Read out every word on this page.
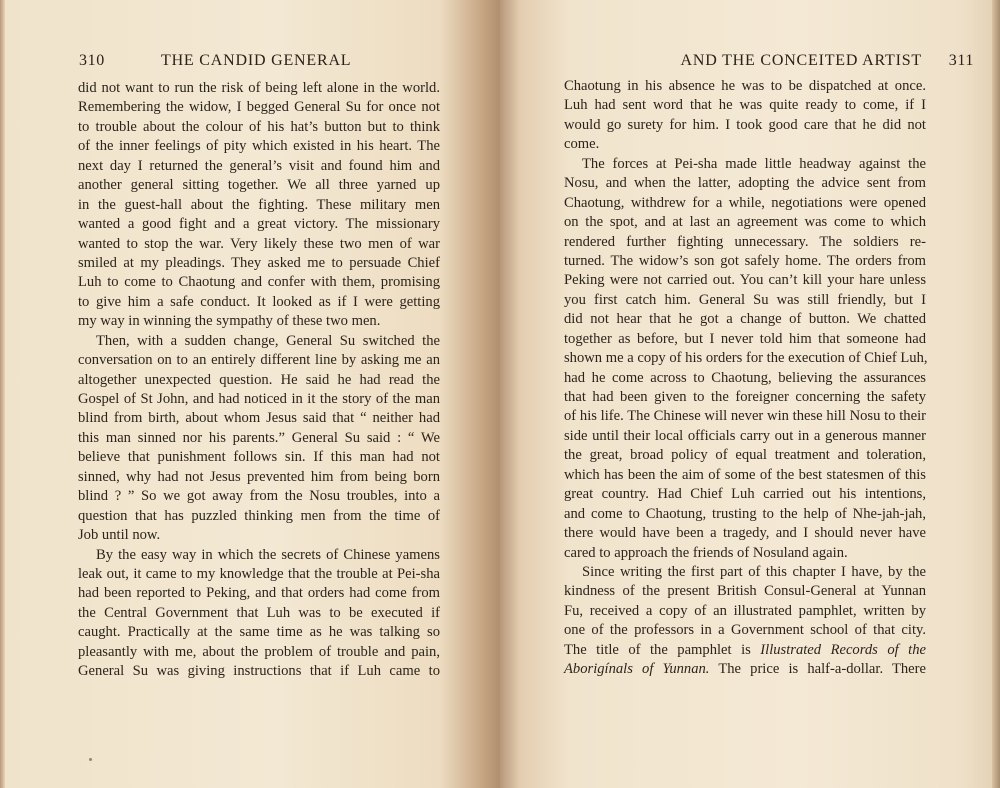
310	THE CANDID GENERAL
did not want to run the risk of being left alone in the world.
Remembering the widow, I begged General Su for once not
to trouble about the colour of his hat’s button but to think
of the inner feelings of pity which existed in his heart. The
next day I returned the general’s visit and found him and
another general sitting together. We all three yarned up
in the guest-hall about the fighting. These military men
wanted a good fight and a great victory. The missionary
wanted to stop the war. Very likely these two men of war
smiled at my pleadings. They asked me to persuade Chief
Luh to come to Chaotung and confer with them, promising
to give him a safe conduct. It looked as if I were getting
my way in winning the sympathy of these two men.
Then, with a sudden change, General Su switched the
conversation on to an entirely different line by asking me an
altogether unexpected question. He said he had read the
Gospel of St John, and had noticed in it the story of the man
blind from birth, about whom Jesus said that “ neither had
this man sinned nor his parents.” General Su said : “ We
believe that punishment follows sin. If this man had not
sinned, why had not Jesus prevented him from being born
blind ? ” So we got away from the Nosu troubles, into a
question that has puzzled thinking men from the time of
Job until now.
By the easy way in which the secrets of Chinese yamens
leak out, it came to my knowledge that the trouble at Pei-sha
had been reported to Peking, and that orders had come from
the Central Government that Luh was to be executed if
caught. Practically at the same time as he was talking so
pleasantly with me, about the problem of trouble and pain,
General Su was giving instructions that if Luh came to
AND THE CONCEITED ARTIST 311
Chaotung in his absence he was to be dispatched at once.
Luh had sent word that he was quite ready to come, if I
would go surety for him. I took good care that he did not
come.
The forces at Pei-sha made little headway against the
Nosu, and when the latter, adopting the advice sent from
Chaotung, withdrew for a while, negotiations were opened
on the spot, and at last an agreement was come to which
rendered further fighting unnecessary. The soldiers re-
turned. The widow’s son got safely home. The orders from
Peking were not carried out. You can’t kill your hare unless
you first catch him. General Su was still friendly, but I
did not hear that he got a change of button. We chatted
together as before, but I never told him that someone had
shown me a copy of his orders for the execution of Chief Luh,
had he come across to Chaotung, believing the assurances
that had been given to the foreigner concerning the safety
of his life. The Chinese will never win these hill Nosu to their
side until their local officials carry out in a generous manner
the great, broad policy of equal treatment and toleration,
which has been the aim of some of the best statesmen of this
great country. Had Chief Luh carried out his intentions,
and come to Chaotung, trusting to the help of Nhe-jah-jah,
there would have been a tragedy, and I should never have
cared to approach the friends of Nosuland again.
Since writing the first part of this chapter I have, by the
kindness of the present British Consul-General at Yunnan
Fu, received a copy of an illustrated pamphlet, written by
one of the professors in a Government school of that city.
The title of the pamphlet is Illustrated Records of the
Aborigínals of Yunnan. The price is half-a-dollar. There
